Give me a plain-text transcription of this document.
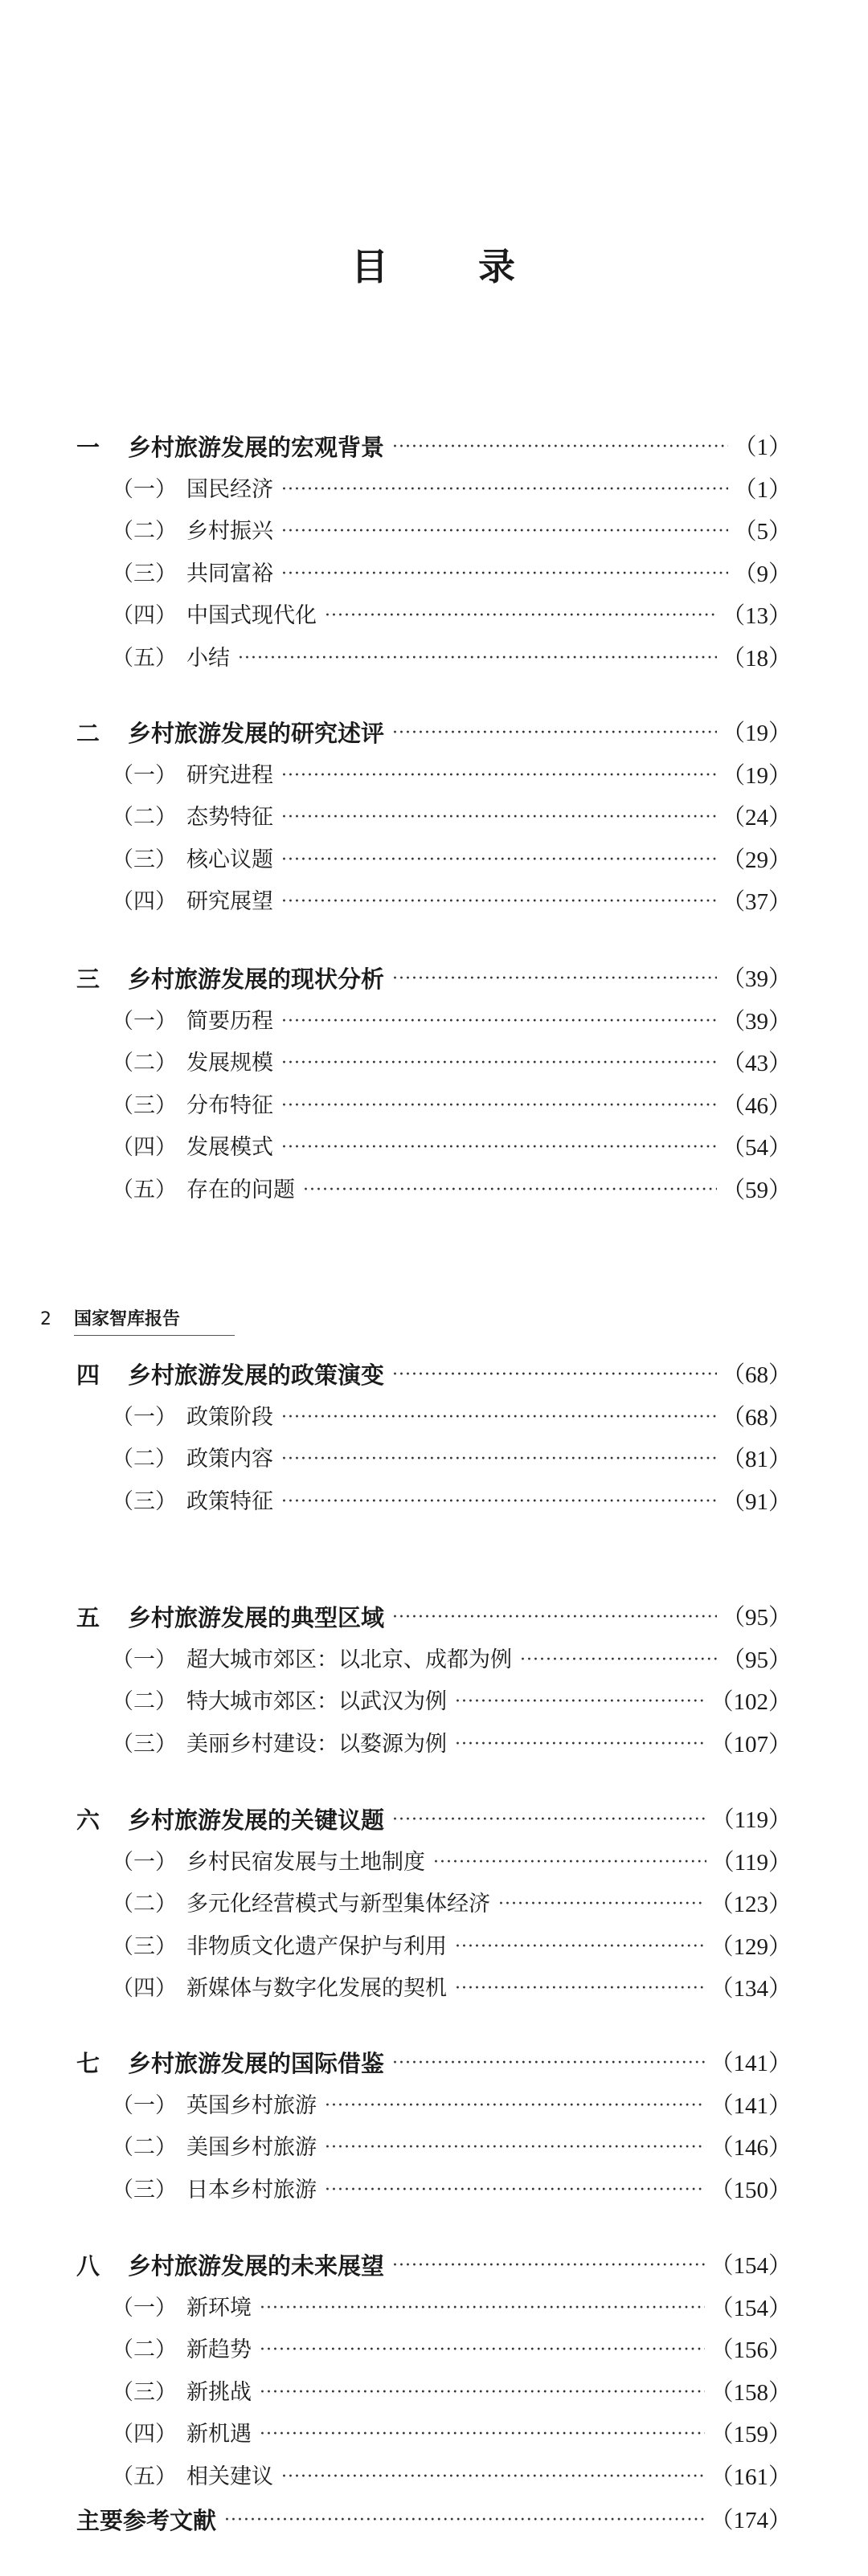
目 录
2 国家智库报告
一	乡村旅游发展的宏观背景 ·····	（1）
（一） 国民经济 ·····	（1）
（二） 乡村振兴 ·····	（5）
（三） 共同富裕 ·····	（9）
（四） 中国式现代化 ·····	（13）
（五） 小结 ·····	（18）
二	乡村旅游发展的研究述评 ·····	（19）
（一） 研究进程 ·····	（19）
（二） 态势特征 ·····	（24）
（三） 核心议题 ·····	（29）
（四） 研究展望 ·····	（37）
三	乡村旅游发展的现状分析 ·····	（39）
（一） 简要历程 ·····	（39）
（二） 发展规模 ·····	（43）
（三） 分布特征 ·····	（46）
（四） 发展模式 ·····	（54）
（五） 存在的问题 ·····	（59）
四	乡村旅游发展的政策演变 ·····	（68）
（一） 政策阶段 ·····	（68）
（二） 政策内容 ·····	（81）
（三） 政策特征 ·····	（91）
五	乡村旅游发展的典型区域 ·····	（95）
（一） 超大城市郊区：以北京、成都为例 ·····	（95）
（二） 特大城市郊区：以武汉为例 ·····	（102）
（三） 美丽乡村建设：以婺源为例 ·····	（107）
六	乡村旅游发展的关键议题 ·····	（119）
（一） 乡村民宿发展与土地制度 ·····	（119）
（二） 多元化经营模式与新型集体经济 ·····	（123）
（三） 非物质文化遗产保护与利用 ·····	（129）
（四） 新媒体与数字化发展的契机 ·····	（134）
七	乡村旅游发展的国际借鉴 ·····	（141）
（一） 英国乡村旅游 ·····	（141）
（二） 美国乡村旅游 ·····	（146）
（三） 日本乡村旅游 ·····	（150）
八	乡村旅游发展的未来展望 ·····	（154）
（一） 新环境 ·····	（154）
（二） 新趋势 ·····	（156）
（三） 新挑战 ·····	（158）
（四） 新机遇 ·····	（159）
（五） 相关建议 ·····	（161）
主要参考文献 ·····	（174）
